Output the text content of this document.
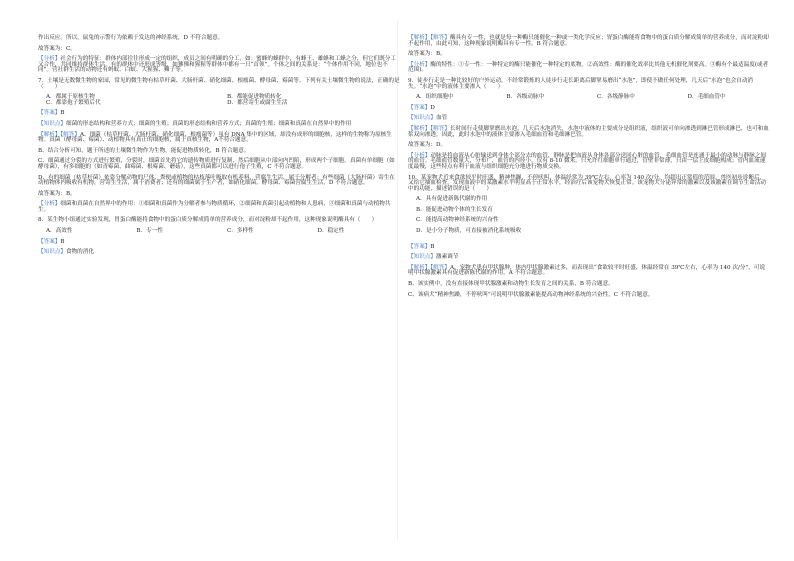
作出反应。所以，鼠兔的示警行为依赖于发达的神经系统，D 不符合题意。

故答案为：C。

【分析】社会行为的特征：群体内部往往形成一定的组织，成员之间有明确的分工，如：蜜蜂的蜂群中，有蜂王、雄蜂和工蜂之分，但它们既分工又合作，共同维持群体生活。有的群体中还形成等级，如狒狒和猩猩等群体中都有一只“首领”。个体之间的关系是：“个体作用不同，地位也不同”。营社群生活的动物还有蚂蚁、白蚁、大猩猩、狮子等。

7．土壤是无数微生物的家园，常见的微生物有枯草杆菌、大肠杆菌、硝化细菌、根瘤菌、酵母菌、霉菌等。下列有关土壤微生物的说法，正确的是（　　）

A．都属于原核生物	B．都能促进物质转化
C．都靠孢子繁殖后代	D．都营寄生或腐生生活

【答案】B

【知识点】细菌的形态结构和营养方式；细菌的生殖；真菌的形态结构和营养方式；真菌的生殖；细菌和真菌在自然界中的作用

【解析】【解答】A、细菌（枯草杆菌、大肠杆菌、硝化细菌、根瘤菌等）虽有 DNA 集中的区域，却没有成形的细胞核，这样的生物称为原核生物。真菌（酵母菌、霉菌）、动植物具有真正的细胞核，属于真核生物，A不符合题意。

B、结合分析可知，题干所述的土壤微生物作为生物，能促进物质转化，B 符合题意。

C、细菌通过分裂的方式进行繁殖，分裂时，细菌首先将它的遗传物质进行复制，然后细胞从中部向内凹陷，形成两个子细胞。真菌有单细胞（如酵母菌），有多细胞的（如青霉菌、曲霉菌、根霉菌、蘑菇），这些真菌都可以进行孢子生殖，C 不符合题意。

D、有的细菌（枯草杆菌）依靠分解动物的尸体、粪便或植物的枯枝落叶吸取有机养料，营腐生生活，属于分解者；有些细菌（大肠杆菌）寄生在动植物体内吸收有机物，营寄生生活，属于消费者；还有的细菌属于生产者，如硝化细菌。酵母菌、霉菌营腐生生活，D 不符合题意。

故答案为：B。

【分析】细菌和真菌在自然界中的作用：①细菌和真菌作为分解者参与物质循环，②细菌和真菌引起动植物和人患病，③细菌和真菌与动植物共生。

8．某生物小组通过实验发现，胃蛋白酶能将食物中的蛋白质分解成简单的营养成分，而对淀粉却不起作用，这种现象说明酶具有（　　）

A．高效性	B．专一性	C．多样性	D．稳定性

【答案】B

【知识点】食物的消化

【解析】【解答】酶具有专一性，也就是每一种酶只能催化一种或一类化学反应；胃蛋白酶能将食物中的蛋白质分解成简单的营养成分，而对淀粉却不起作用，由此可知，这种现象说明酶具有专一性，B 符合题意。

故答案为：B。

【分析】酶的特性：①专一性：一种特定的酶只能催化一种特定的底物。②高效性：酶的催化效率比其他无机催化剂要高。③酶有个最适温度(或者范围)。

9．徒步行走是一种比较好的户外运动，不经常锻炼的人徒步行走长距离后脚掌易磨出“水泡”，即使不做任何处理，几天后“水泡”也会自动消失。“水泡”中的液体主要渗入（　　）

A．组织细胞中	B．各级动脉中	C．各级静脉中	D．毛细血管中

【答案】D

【知识点】血管

【解析】【解答】长时间行走使脚掌磨出水泡，几天后水泡消失，水泡中液体的主要成分是组织液，组织液可单向渗透到淋巴管形成淋巴，也可和血浆双向渗透。因此，此时水泡中的液体主要渗入毛细血管和毛细淋巴管。

故答案为：D。

【分析】动脉是将血液从心脏输送到身体个部分去的血管，静脉是把血液从身体各部分送回心脏的血管，毛细血管是连通于最小的动脉与静脉之间的血管。毛细血管数量大，分布广，血管的内径小，仅有 8-10 微米，只允许红细胞单行通过，管壁非常薄，只由一层上皮细胞构成；管内血流速度最慢，这些特点有利于血液与组织细胞充分地进行物质交换。

10．某宠物犬近来食欲较平时旺盛，精神焦躁，不停吠叫，体温经常为 39℃左右，心率为 140 次/分，均超出正常值的范围。兽医初步诊断后，又给它抽血检查，发现血液中的某激素水平明显高于正常水平，经治疗后该宠物犬恢复正常。该宠物犬分泌异常的激素以及该激素在调节生命活动中的功能，描述错误的是（　　）

A．具有促进新陈代谢的作用
B．能促进动物个体的生长发育
C．能提高动物神经系统的兴奋性
D．是小分子物质，可直接被消化系统吸收

【答案】B

【知识点】激素调节

【解析】【解答】A、宠物犬患有甲状腺肿，体内甲状腺激素过多，而表现出“食欲较平时旺盛，体温经常在 39℃左右，心率为 140 次/分”，可说明甲状腺激素具有促进新陈代谢的作用，A 不符合题意。

B、该实例中，没有直接体现甲状腺激素和动物生长发育之间的关系，B 符合题意。

C、该病犬“精神焦躁，不停吠叫”可说明甲状腺激素能提高动物神经系统的兴奋性，C 不符合题意。
